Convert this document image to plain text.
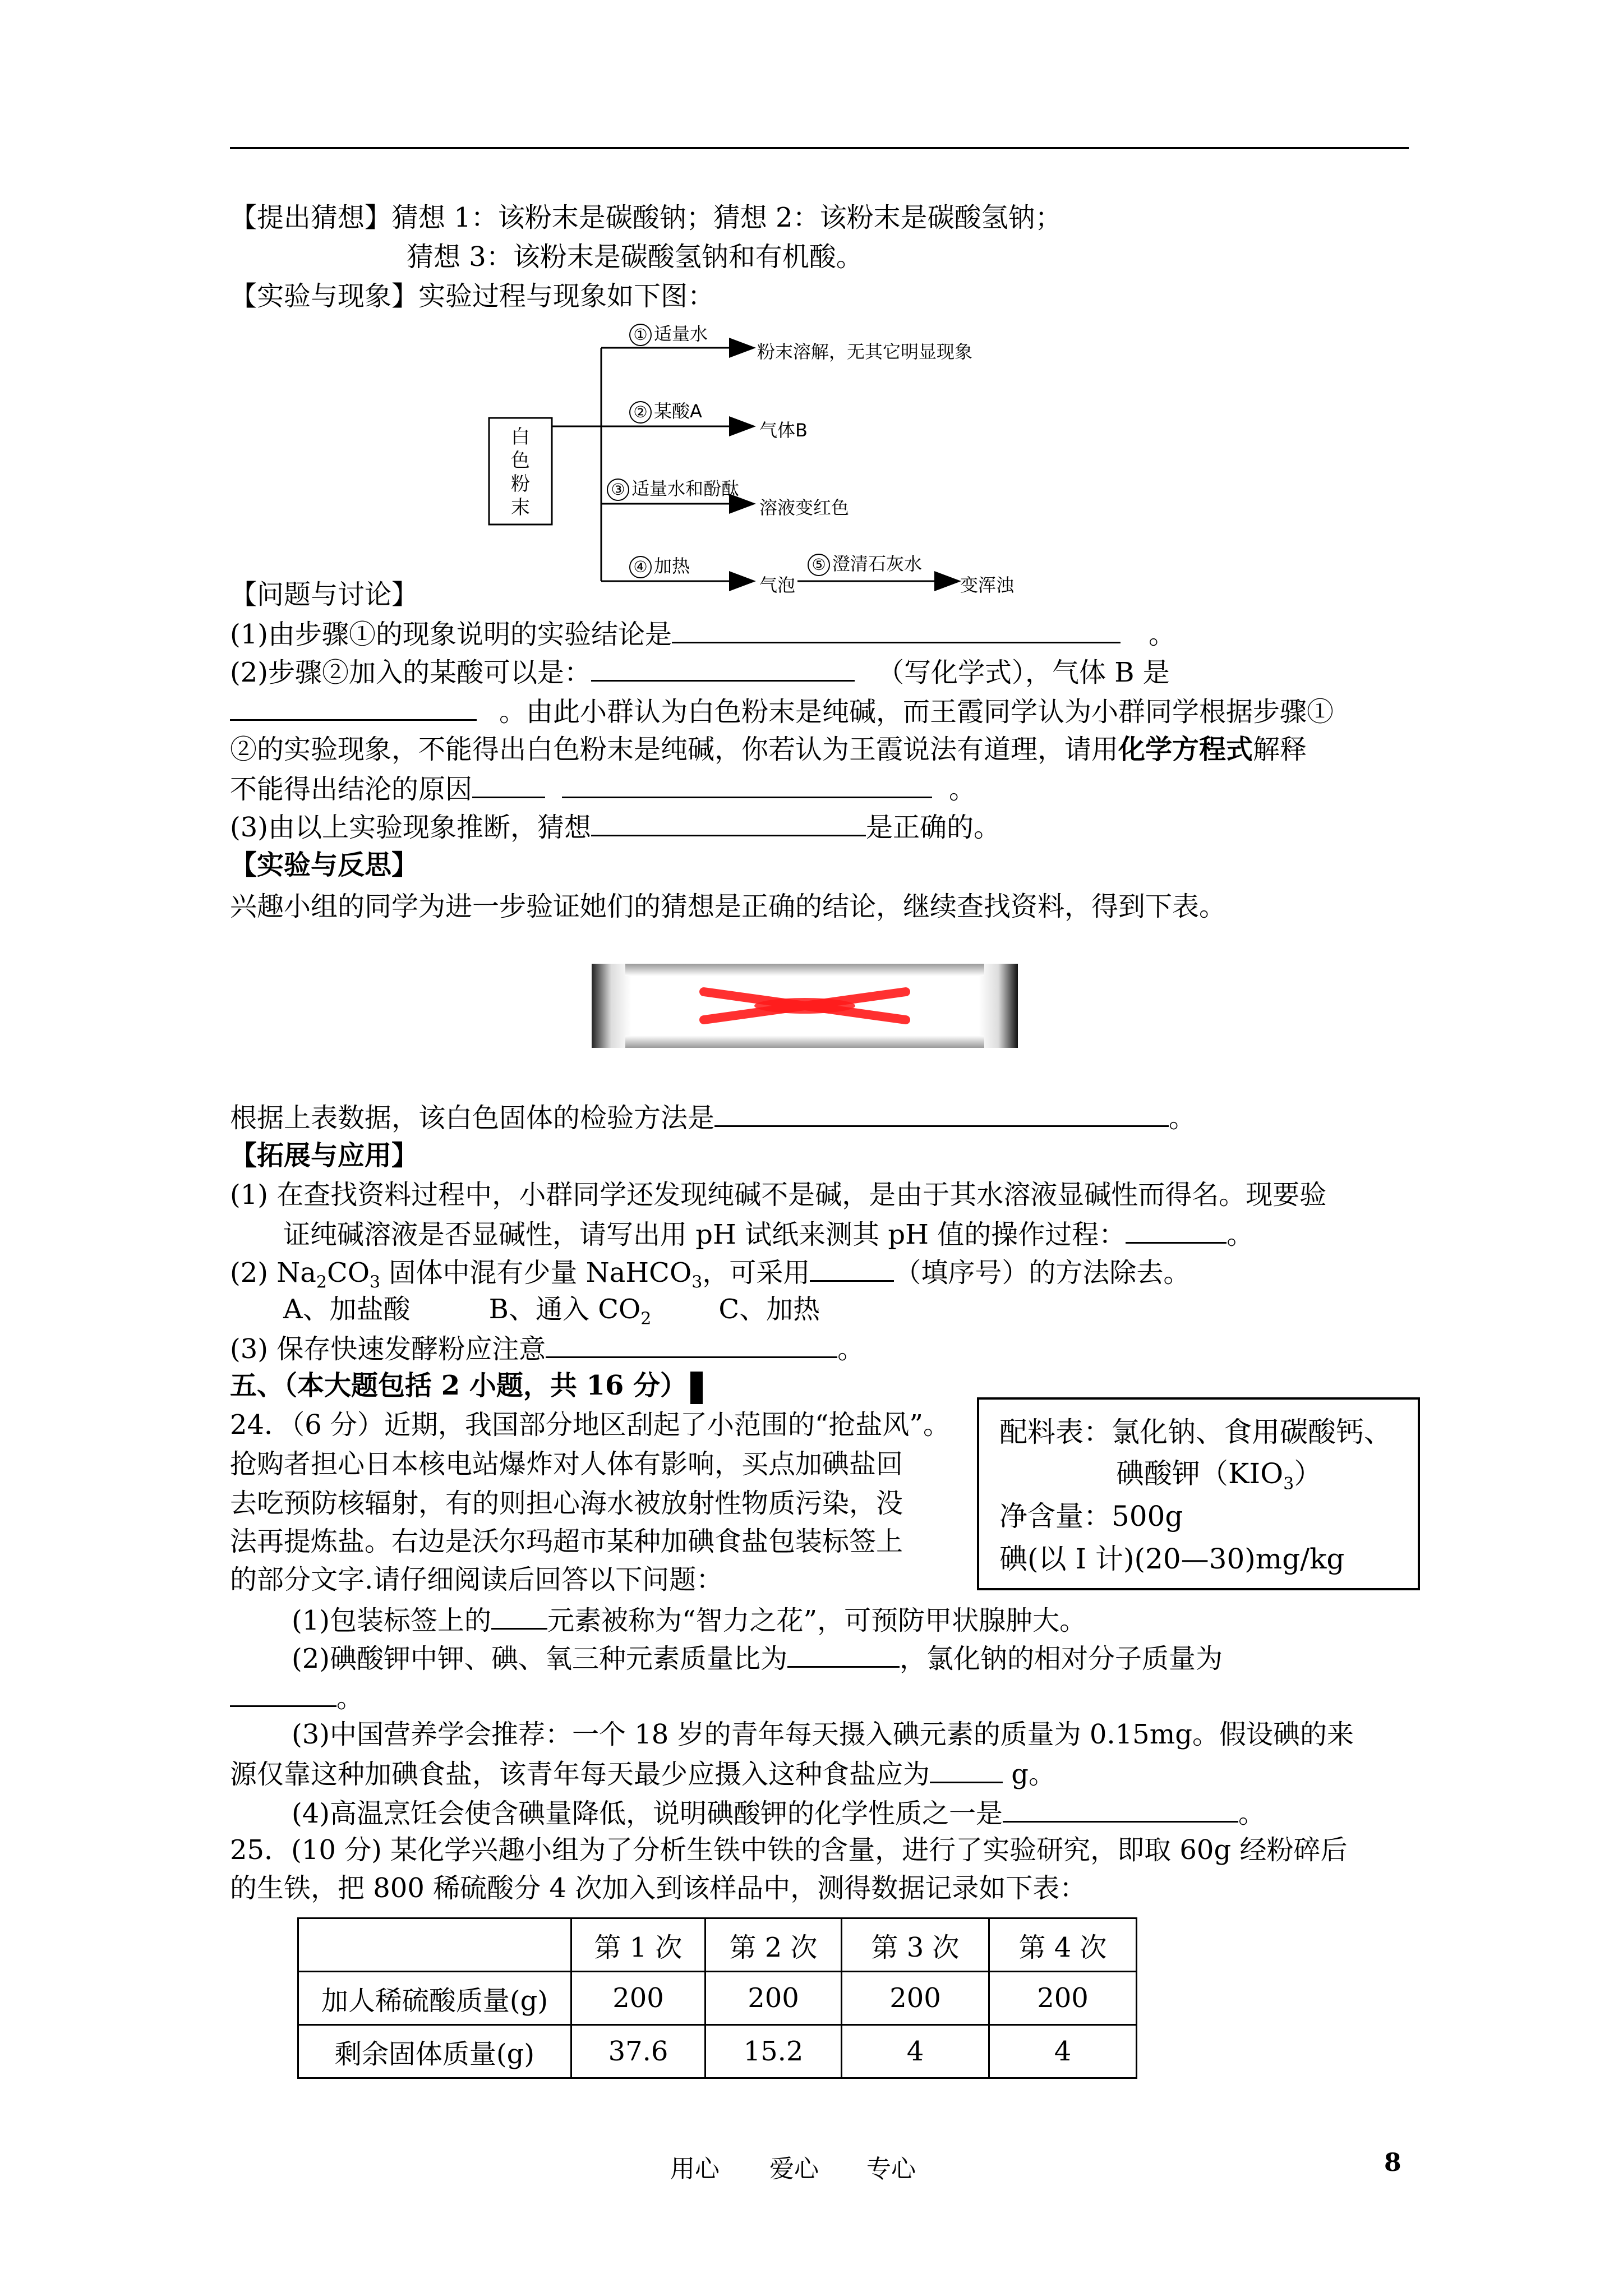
【提出猜想】猜想 1：该粉末是碳酸钠；猜想 2：该粉末是碳酸氢钠；
猜想 3：该粉末是碳酸氢钠和有机酸。
【实验与现象】实验过程与现象如下图：
白
色
粉
末
① 适量水
粉末溶解，无其它明显现象
② 某酸A
气体B
③ 适量水和酚酞
溶液变红色
④ 加热
气泡
⑤ 澄清石灰水
变浑浊
【问题与讨论】
(1)由步骤①的现象说明的实验结论是	。
(2)步骤②加入的某酸可以是：	（写化学式），气体 B 是
。由此小群认为白色粉末是纯碱，而王霞同学认为小群同学根据步骤①
②的实验现象，不能得出白色粉末是纯碱，你若认为王霞说法有道理，请用化学方程式解释
不能得出结沦的原因	。
(3)由以上实验现象推断，猜想	是正确的。
【实验与反思】
兴趣小组的同学为进一步验证她们的猜想是正确的结论，继续查找资料，得到下表。
根据上表数据，该白色固体的检验方法是	。
【拓展与应用】
(1) 在查找资料过程中，小群同学还发现纯碱不是碱，是由于其水溶液显碱性而得名。现要验
证纯碱溶液是否显碱性，请写出用 pH 试纸来测其 pH 值的操作过程：	。
(2) $Na_2CO_3$ 固体中混有少量 NaHCO$_3$，可采用	（填序号）的方法除去。
A、加盐酸	B、通入 $CO_2$	C、加热
(3) 保存快速发酵粉应注意	。
五、（本大题包括 2 小题，共 16 分）
24．（6 分）近期，我国部分地区刮起了小范围的“抢盐风”。
抢购者担心日本核电站爆炸对人体有影响，买点加碘盐回
去吃预防核辐射，有的则担心海水被放射性物质污染，没
法再提炼盐。右边是沃尔玛超市某种加碘食盐包装标签上
的部分文字.请仔细阅读后回答以下问题：
配料表：氯化钠、食用碳酸钙、
碘酸钾$(KIO_3)$
净含量：500g
碘(以 I 计)(20—30)mg/kg
(1)包装标签上的 元素被称为“智力之花”，可预防甲状腺肿大。
(2)碘酸钾中钾、碘、氧三种元素质量比为	，氯化钠的相对分子质量为
。
(3)中国营养学会推荐：一个 18 岁的青年每天摄入碘元素的质量为 0.15mg。假设碘的来
源仅靠这种加碘食盐，该青年每天最少应摄入这种食盐应为	g。
(4)高温烹饪会使含碘量降低，说明碘酸钾的化学性质之一是	。
25．(10 分) 某化学兴趣小组为了分析生铁中铁的含量，进行了实验研究，即取 60g 经粉碎后
的生铁，把 800 稀硫酸分 4 次加入到该样品中，测得数据记录如下表：
	第 1 次	第 2 次	第 3 次	第 4 次
加人稀硫酸质量(g)	200	200	200	200
剩余固体质量(g)	37.6	15.2	4	4
用心 爱心 专心	8
